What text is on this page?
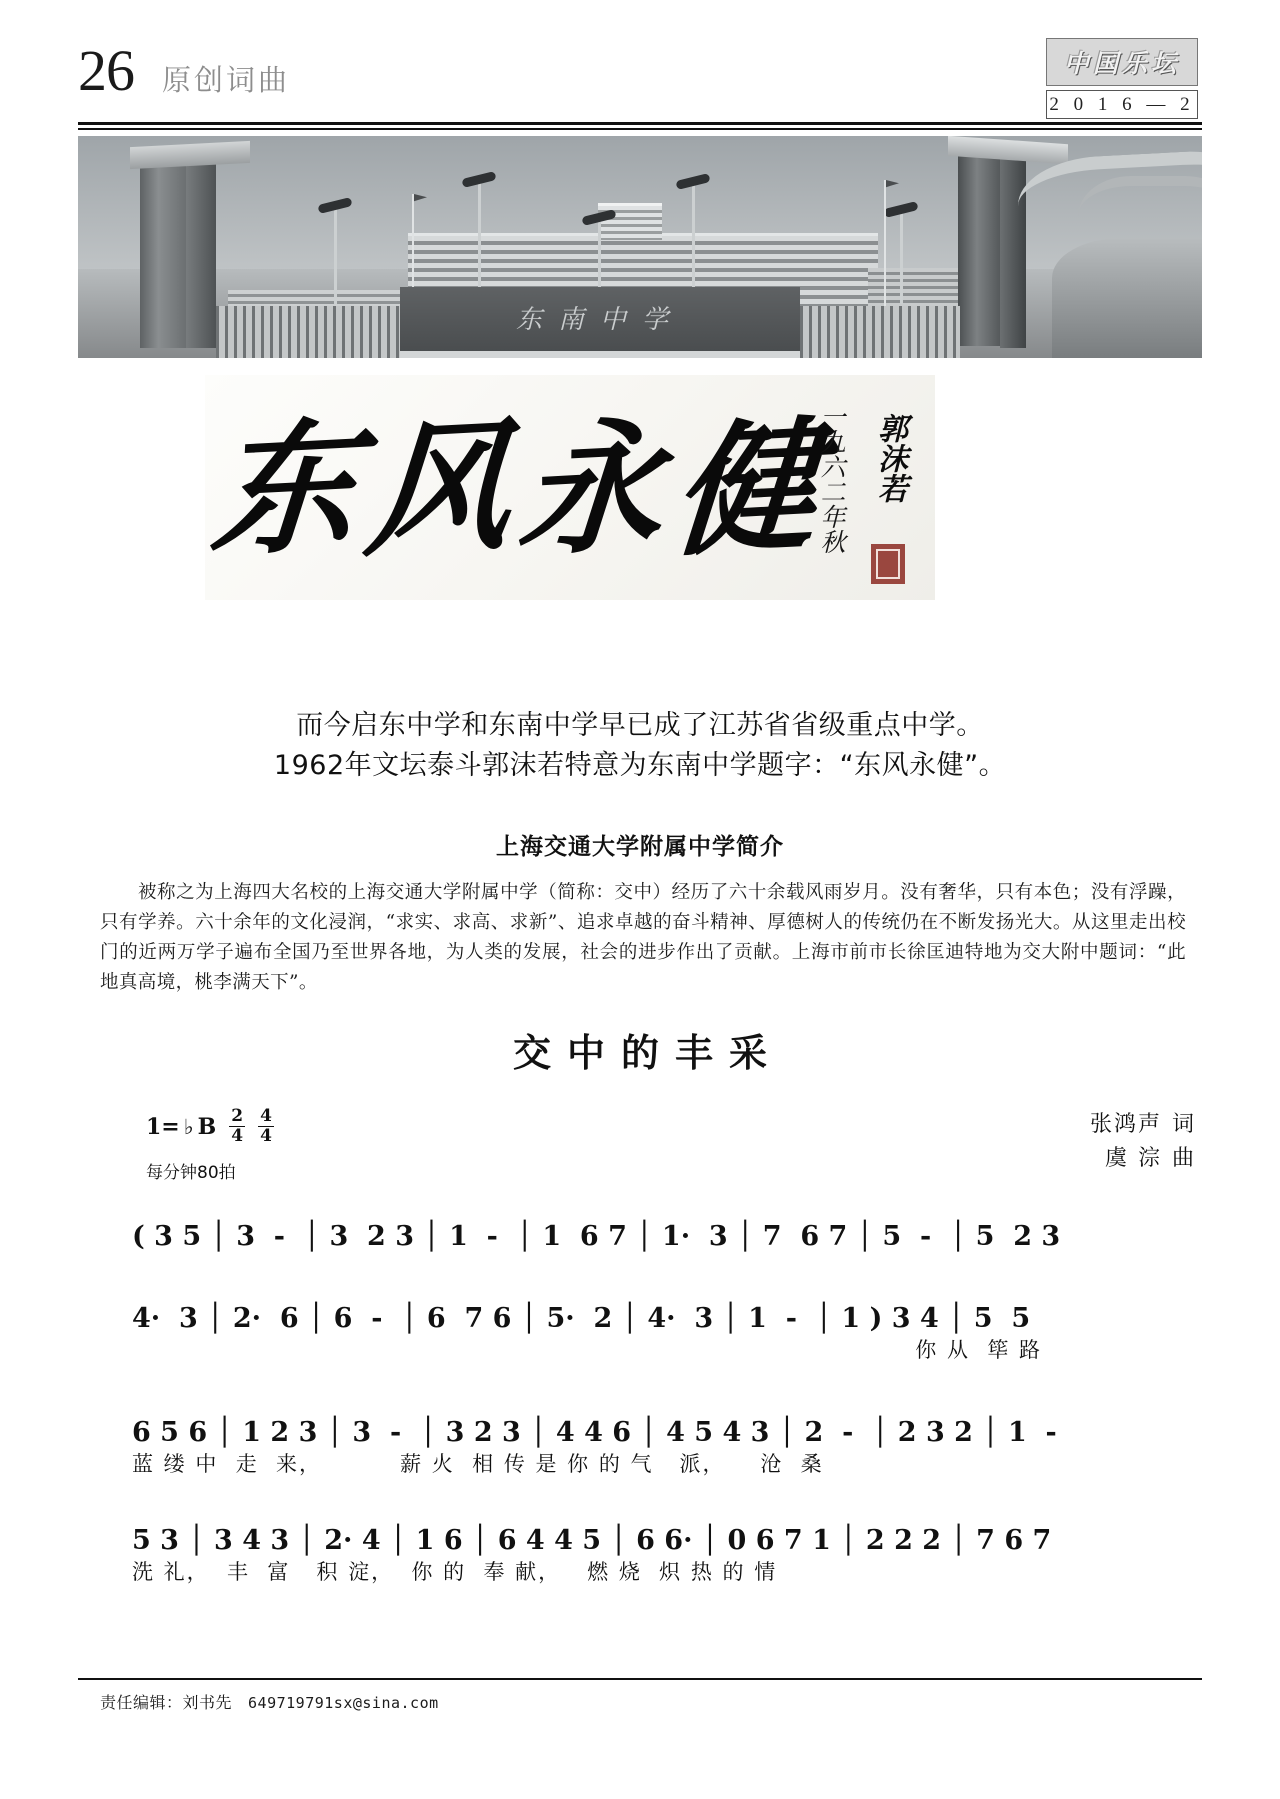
26 原创词曲	中国乐坛
2 0 1 6 — 2
东南中学
东 风 永 健
一九六二年秋 郭沫若
而今启东中学和东南中学早已成了江苏省省级重点中学。
1962年文坛泰斗郭沫若特意为东南中学题字：“东风永健”。
上海交通大学附属中学简介
被称之为上海四大名校的上海交通大学附属中学（简称：交中）经历了六十余载风雨岁月。没有奢华，只有本色；没有浮躁，只有学养。六十余年的文化浸润，“求实、求高、求新”、追求卓越的奋斗精神、厚德树人的传统仍在不断发扬光大。从这里走出校门的近两万学子遍布全国乃至世界各地，为人类的发展，社会的进步作出了贡献。上海市前市长徐匡迪特地为交大附中题词：“此地真高境，桃李满天下”。
交中的丰采
1= ♭ B $\frac{2}{4} \frac{4}{4}$
每分钟80拍
张鸿声 词
虞 淙 曲
( 3 5 │ 3  -  │ 3  2 3 │ 1  -  │ 1  6 7 │ 1·  3 │ 7  6 7 │ 5  -  │ 5  2 3
4·  3 │ 2·  6 │ 6  -  │ 6  7 6 │ 5·  2 │ 4·  3 │ 1  -  │ 1 ) 3 4 │ 5  5
你 从  筚 路
6 5 6 │ 1 2 3 │ 3  -  │ 3 2 3 │ 4 4 6 │ 4 5 4 3 │ 2  -  │ 2 3 2 │ 1  -
蓝 缕 中  走  来，         薪 火  相 传 是 你 的 气   派，    沧  桑
5 3 │ 3 4 3 │ 2· 4 │ 1 6 │ 6 4 4 5 │ 6 6· │ 0 6 7 1 │ 2 2 2 │ 7 6 7
洗 礼，  丰  富   积 淀，  你 的  奉 献，   燃 烧  炽 热 的 情
责任编辑：刘书先 649719791sx@sina.com
